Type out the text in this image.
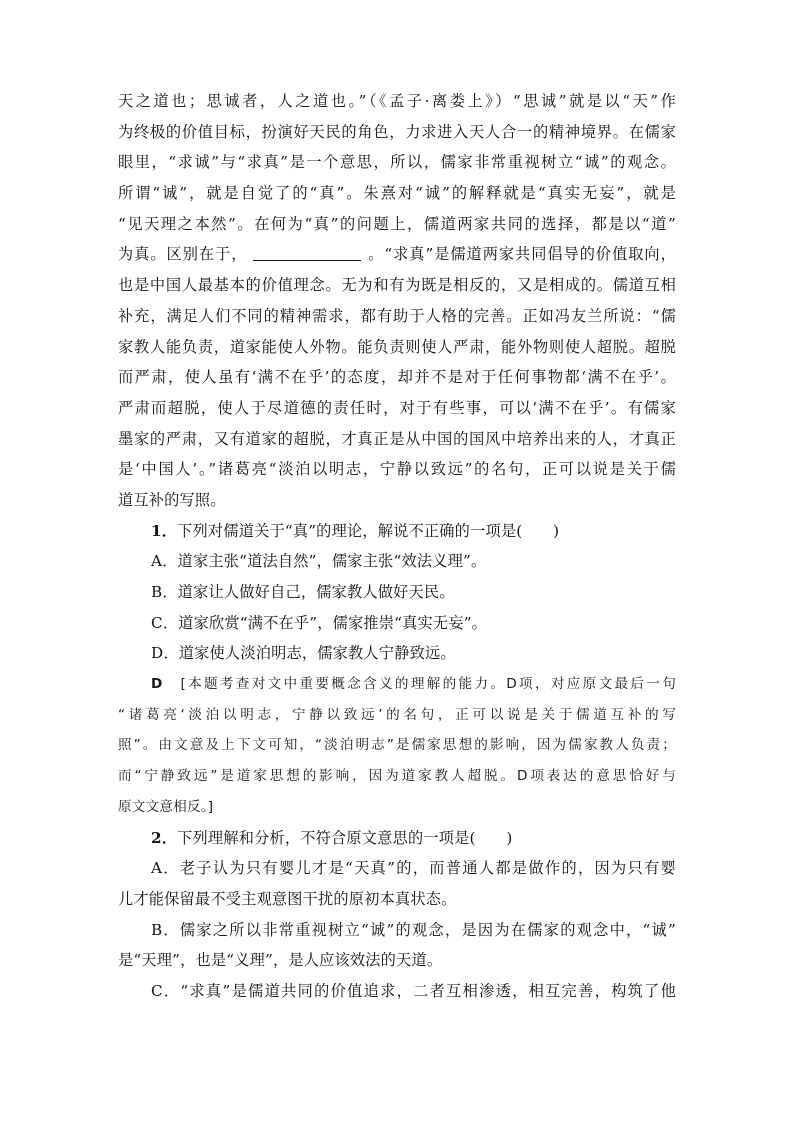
天之道也；思诚者，人之道也。”（《孟子·离娄上》）“思诚”就是以“天”作
为终极的价值目标，扮演好天民的角色，力求进入天人合一的精神境界。在儒家
眼里，“求诚”与“求真”是一个意思，所以，儒家非常重视树立“诚”的观念。
所谓“诚”，就是自觉了的“真”。朱熹对“诚”的解释就是“真实无妄”，就是
“见天理之本然”。在何为“真”的问题上，儒道两家共同的选择，都是以“道”
为真。区别在于，	。“求真”是儒道两家共同倡导的价值取向，
也是中国人最基本的价值理念。无为和有为既是相反的，又是相成的。儒道互相
补充，满足人们不同的精神需求，都有助于人格的完善。正如冯友兰所说：“儒
家教人能负责，道家能使人外物。能负责则使人严肃，能外物则使人超脱。超脱
而严肃，使人虽有‘满不在乎’的态度，却并不是对于任何事物都‘满不在乎’。
严肃而超脱，使人于尽道德的责任时，对于有些事，可以‘满不在乎’。有儒家
墨家的严肃，又有道家的超脱，才真正是从中国的国风中培养出来的人，才真正
是‘中国人’。”诸葛亮“淡泊以明志，宁静以致远”的名句，正可以说是关于儒
道互补的写照。
1．下列对儒道关于“真”的理论，解说不正确的一项是(　　)
A．道家主张“道法自然”，儒家主张“效法义理”。
B．道家让人做好自己，儒家教人做好天民。
C．道家欣赏“满不在乎”，儒家推崇“真实无妄”。
D．道家使人淡泊明志，儒家教人宁静致远。
D　[本题考查对文中重要概念含义的理解的能力。D项，对应原文最后一句
“诸葛亮‘淡泊以明志，宁静以致远’的名句，正可以说是关于儒道互补的写
照”。由文意及上下文可知，“淡泊明志”是儒家思想的影响，因为儒家教人负责；
而“宁静致远”是道家思想的影响，因为道家教人超脱。D项表达的意思恰好与
原文文意相反。]
2．下列理解和分析，不符合原文意思的一项是(　　)
A．老子认为只有婴儿才是“天真”的，而普通人都是做作的，因为只有婴
儿才能保留最不受主观意图干扰的原初本真状态。
B．儒家之所以非常重视树立“诚”的观念，是因为在儒家的观念中，“诚”
是“天理”，也是“义理”，是人应该效法的天道。
C．“求真”是儒道共同的价值追求，二者互相渗透，相互完善，构筑了他
